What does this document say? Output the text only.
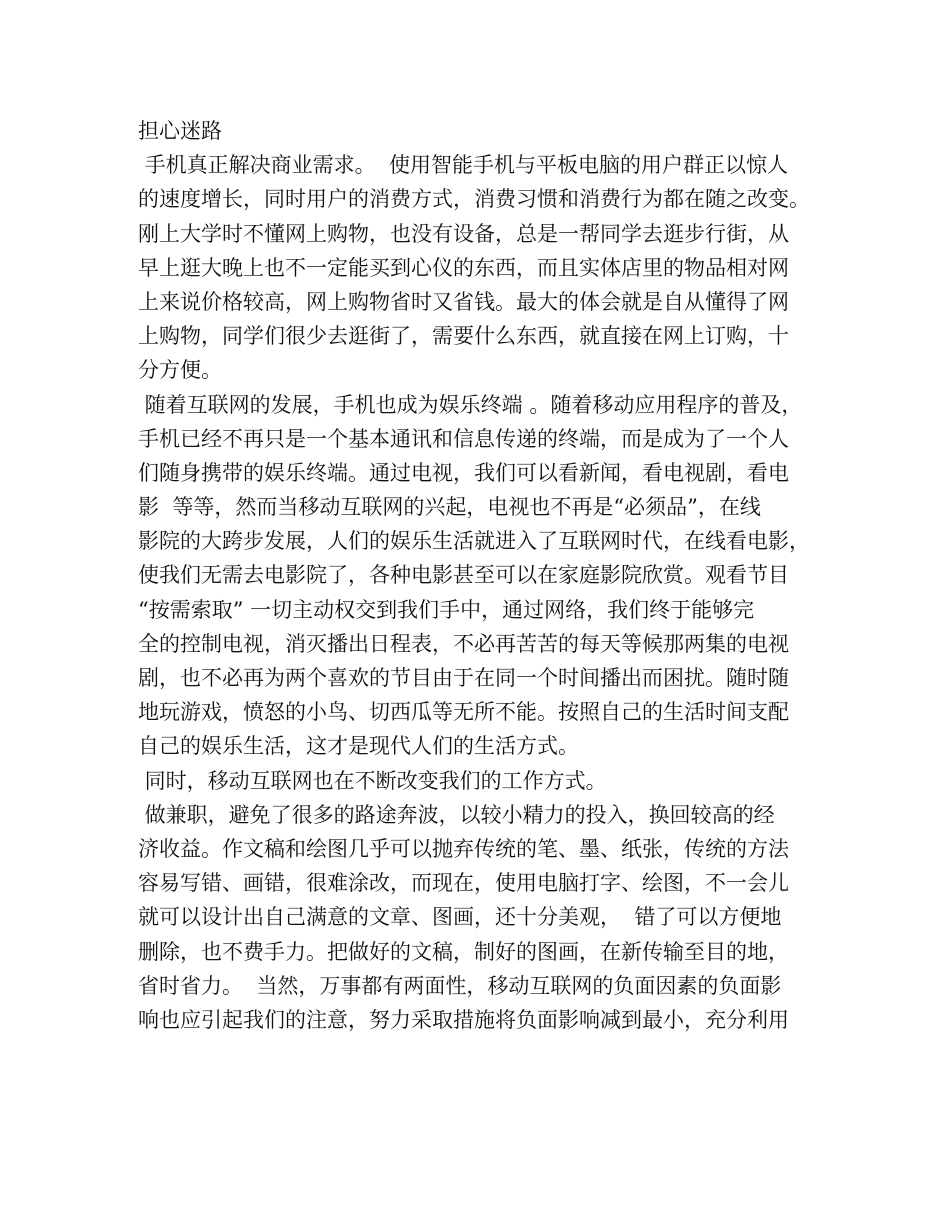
担心迷路
手机真正解决商业需求。  使用智能手机与平板电脑的用户群正以惊人
的速度增长，同时用户的消费方式，消费习惯和消费行为都在随之改变。
刚上大学时不懂网上购物，也没有设备，总是一帮同学去逛步行街，从
早上逛大晚上也不一定能买到心仪的东西，而且实体店里的物品相对网
上来说价格较高，网上购物省时又省钱。最大的体会就是自从懂得了网
上购物，同学们很少去逛街了，需要什么东西，就直接在网上订购，十
分方便。
随着互联网的发展，手机也成为娱乐终端 。随着移动应用程序的普及，
手机已经不再只是一个基本通讯和信息传递的终端，而是成为了一个人
们随身携带的娱乐终端。通过电视，我们可以看新闻，看电视剧，看电
影  等等，然而当移动互联网的兴起，电视也不再是“必须品”，在线
影院的大跨步发展，人们的娱乐生活就进入了互联网时代，在线看电影，
使我们无需去电影院了，各种电影甚至可以在家庭影院欣赏。观看节目
“按需索取” 一切主动权交到我们手中，通过网络，我们终于能够完
全的控制电视，消灭播出日程表，不必再苦苦的每天等候那两集的电视
剧，也不必再为两个喜欢的节目由于在同一个时间播出而困扰。随时随
地玩游戏，愤怒的小鸟、切西瓜等无所不能。按照自己的生活时间支配
自己的娱乐生活，这才是现代人们的生活方式。
同时，移动互联网也在不断改变我们的工作方式。
做兼职，避免了很多的路途奔波，以较小精力的投入，换回较高的经
济收益。作文稿和绘图几乎可以抛弃传统的笔、墨、纸张，传统的方法
容易写错、画错，很难涂改，而现在，使用电脑打字、绘图，不一会儿
就可以设计出自己满意的文章、图画，还十分美观，  错了可以方便地
删除，也不费手力。把做好的文稿，制好的图画，在新传输至目的地，
省时省力。  当然，万事都有两面性，移动互联网的负面因素的负面影
响也应引起我们的注意，努力采取措施将负面影响减到最小，充分利用
